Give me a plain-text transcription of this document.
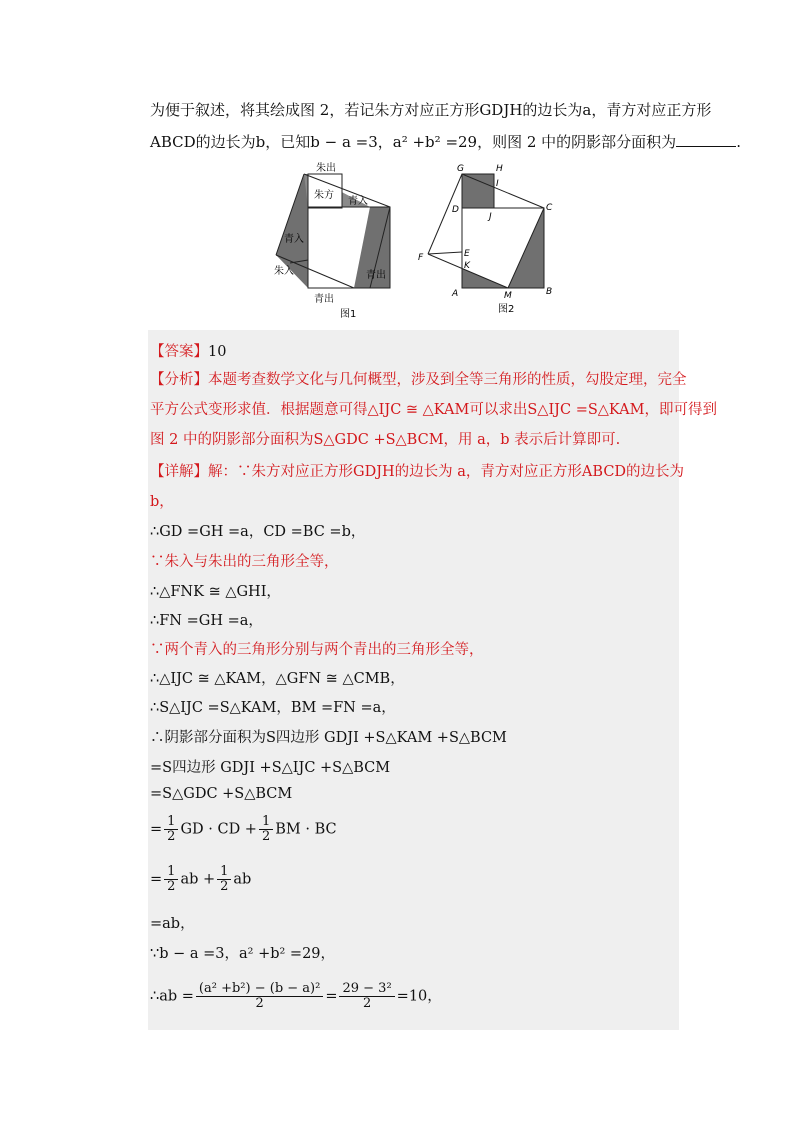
为便于叙述，将其绘成图 2，若记朱方对应正方形GDJH的边长为a，青方对应正方形
ABCD的边长为b，已知b − a =3，a² +b² =29，则图 2 中的阴影部分面积为	.
朱出
朱方
青方
青入
青入
朱入	青出
青出
图1
G	H
I
D
J
C
F	E
K
A	M	B
图2
【答案】10
【分析】本题考查数学文化与几何概型，涉及到全等三角形的性质，勾股定理，完全
平方公式变形求值．根据题意可得△IJC ≅ △KAM可以求出S△IJC =S△KAM，即可得到
图 2 中的阴影部分面积为S△GDC +S△BCM，用 a，b 表示后计算即可.
【详解】解：∵朱方对应正方形GDJH的边长为 a，青方对应正方形ABCD的边长为
b，
∴GD =GH =a，CD =BC =b，
∵朱入与朱出的三角形全等，
∴△FNK ≅ △GHI，
∴FN =GH =a，
∵两个青入的三角形分别与两个青出的三角形全等，
∴△IJC ≅ △KAM，△GFN ≅ △CMB，
∴S△IJC =S△KAM，BM =FN =a，
∴阴影部分面积为S四边形 GDJI +S△KAM +S△BCM
=S四边形 GDJI +S△IJC +S△BCM
=S△GDC +S△BCM
= $\frac{1}{2}$ GD · CD + $\frac{1}{2}$ BM · BC
= $\frac{1}{2}$ ab + $\frac{1}{2}$ ab
=ab，
∵b − a =3，a² +b² =29，
∴ab = $\frac{\text{(a² +b²) − (b − a)²}}{2} = \frac{\text{29 − 3²}}{2} =10$，
